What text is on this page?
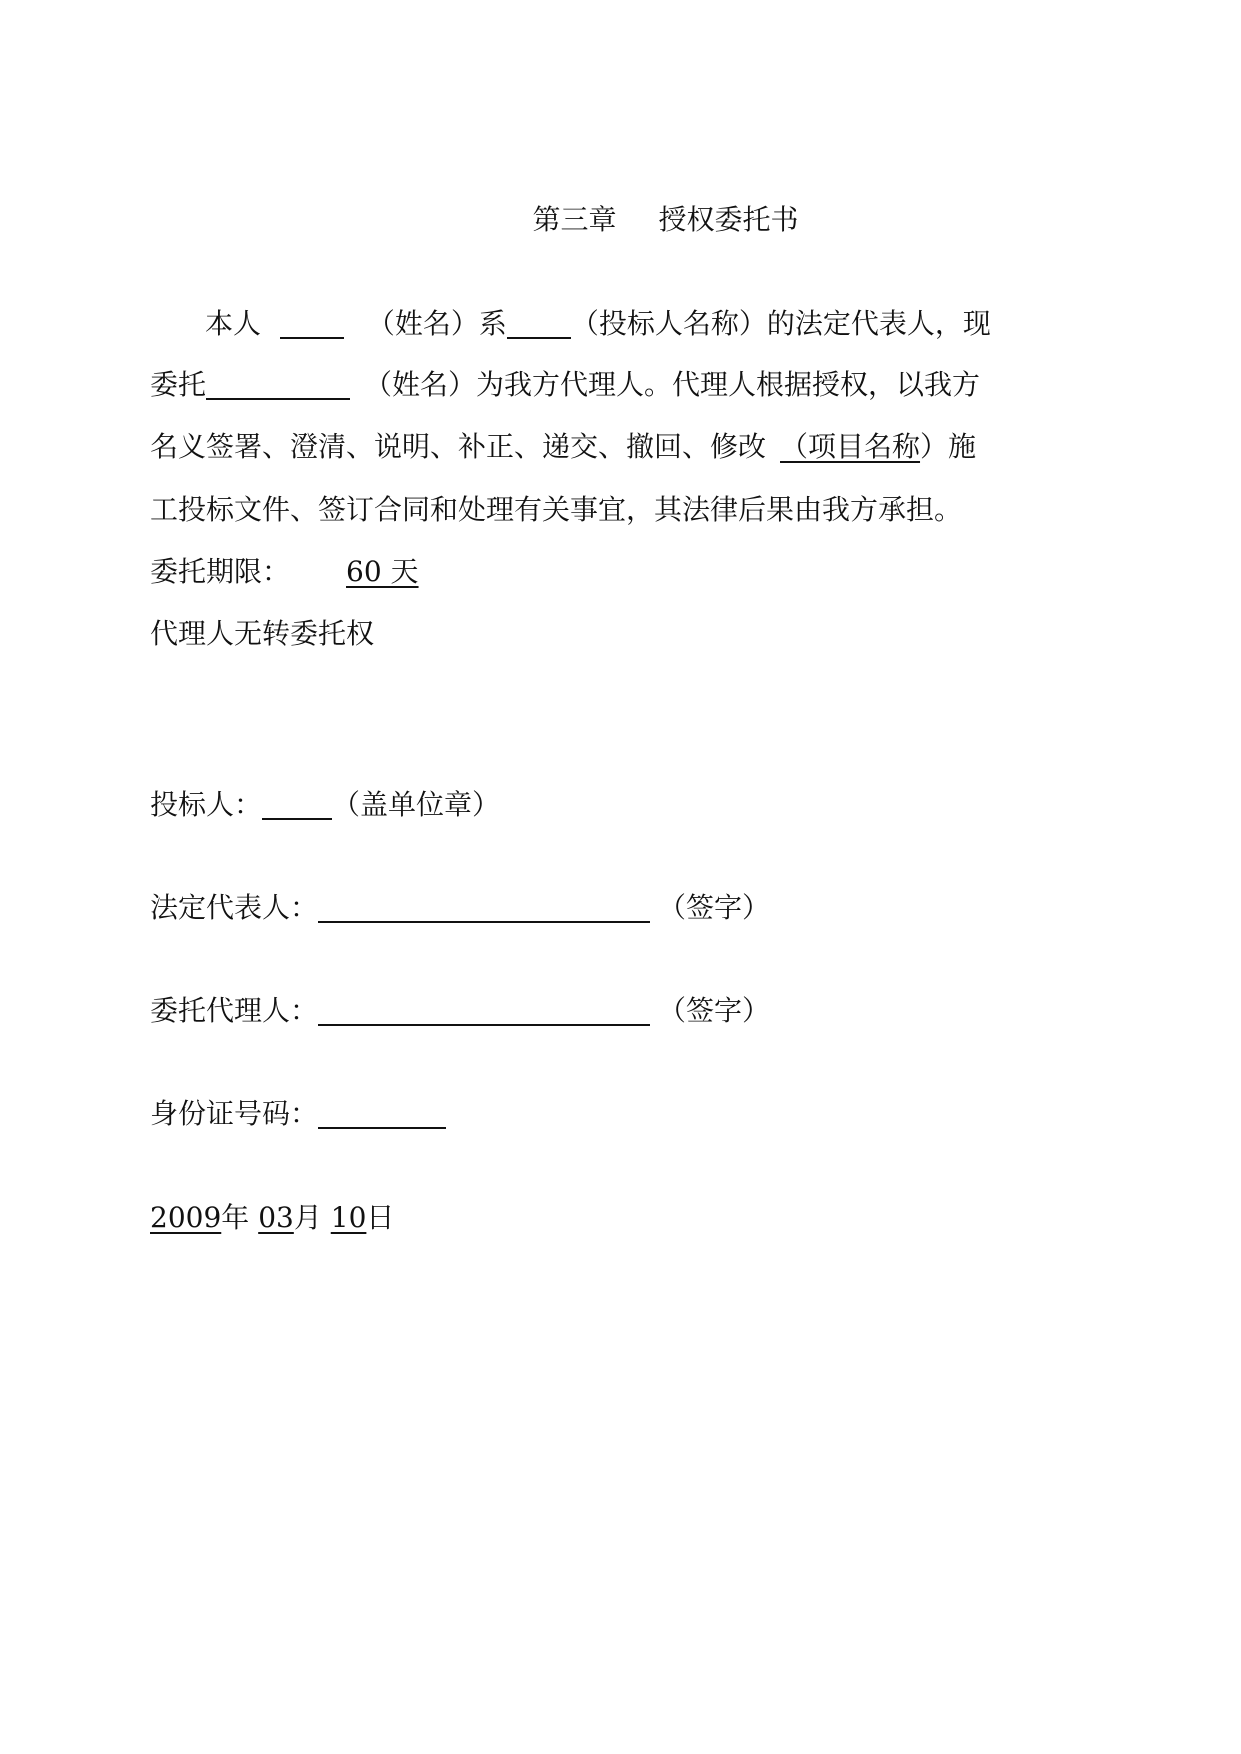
第三章 授权委托书
本人	（姓名）系 （投标人名称）的法定代表人，现
委托	（姓名）为我方代理人。代理人根据授权，以我方
名义签署、澄清、说明、补正、递交、撤回、修改 （项目名称）施
工投标文件、签订合同和处理有关事宜，其法律后果由我方承担。
委托期限： 60 天
代理人无转委托权
投标人：	（盖单位章）
法定代表人：	（签字）
委托代理人：	（签字）
身份证号码：
2009年 03月 10日
